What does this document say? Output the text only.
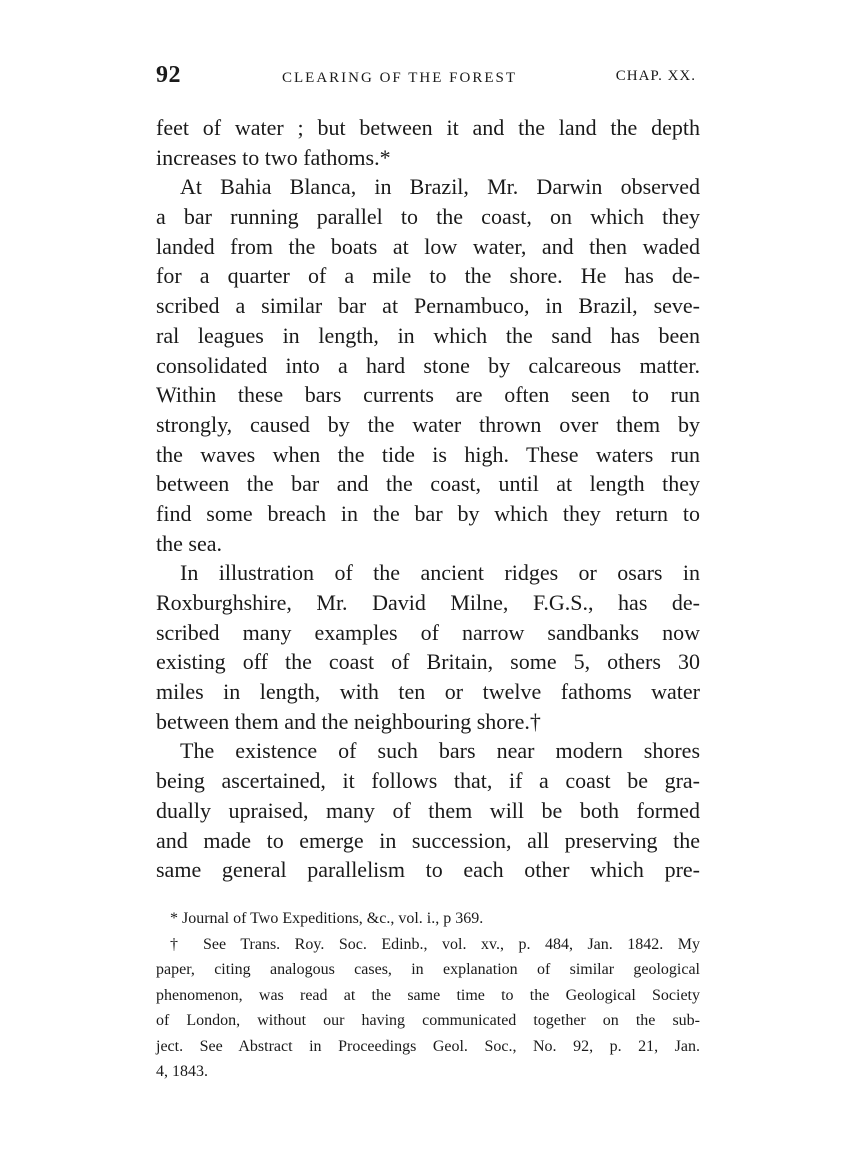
92	CLEARING OF THE FOREST	CHAP. XX.
feet of water ; but between it and the land the depth
increases to two fathoms.*
At Bahia Blanca, in Brazil, Mr. Darwin observed
a bar running parallel to the coast, on which they
landed from the boats at low water, and then waded
for a quarter of a mile to the shore. He has de-
scribed a similar bar at Pernambuco, in Brazil, seve-
ral leagues in length, in which the sand has been
consolidated into a hard stone by calcareous matter.
Within these bars currents are often seen to run
strongly, caused by the water thrown over them by
the waves when the tide is high. These waters run
between the bar and the coast, until at length they
find some breach in the bar by which they return to
the sea.
In illustration of the ancient ridges or osars in
Roxburghshire, Mr. David Milne, F.G.S., has de-
scribed many examples of narrow sandbanks now
existing off the coast of Britain, some 5, others 30
miles in length, with ten or twelve fathoms water
between them and the neighbouring shore.†
The existence of such bars near modern shores
being ascertained, it follows that, if a coast be gra-
dually upraised, many of them will be both formed
and made to emerge in succession, all preserving the
same general parallelism to each other which pre-
* Journal of Two Expeditions, &c., vol. i., p 369.
† See Trans. Roy. Soc. Edinb., vol. xv., p. 484, Jan. 1842. My
paper, citing analogous cases, in explanation of similar geological
phenomenon, was read at the same time to the Geological Society
of London, without our having communicated together on the sub-
ject. See Abstract in Proceedings Geol. Soc., No. 92, p. 21, Jan.
4, 1843.
